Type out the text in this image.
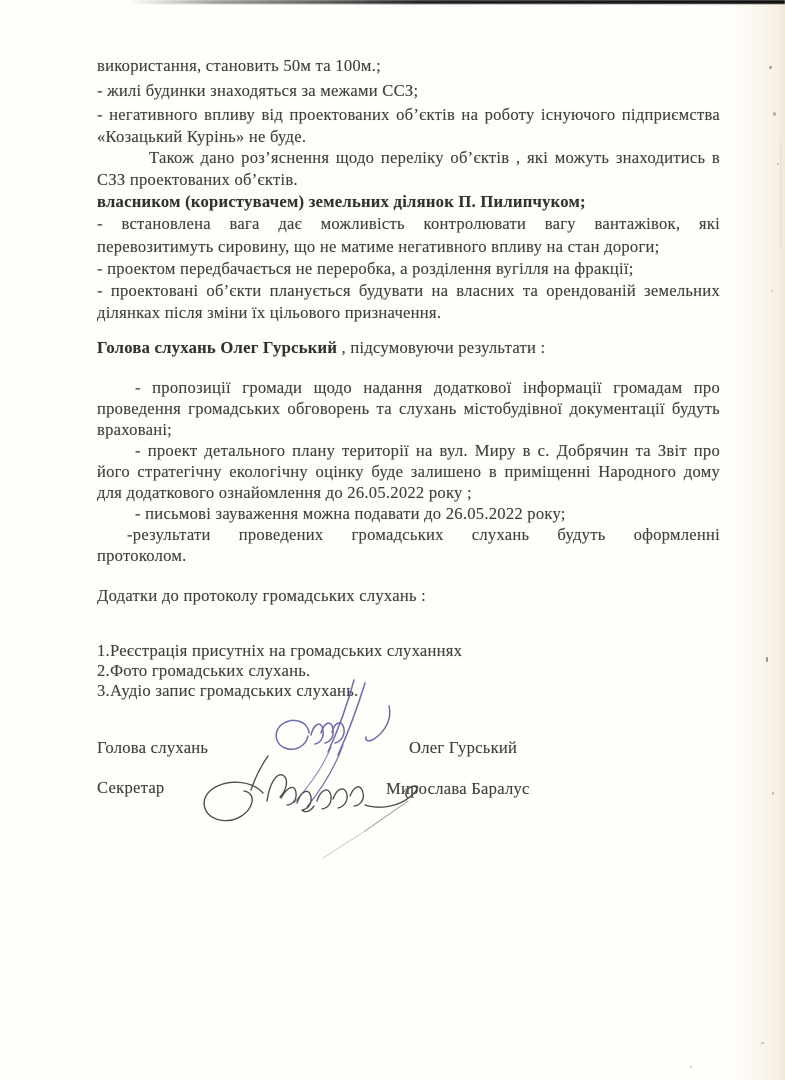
використання, становить 50м та 100м.;
- жилі будинки знаходяться за межами ССЗ;
- негативного впливу від проектованих об’єктів на роботу існуючого підприємства
«Козацький Курінь» не буде.
Також дано роз’яснення щодо переліку об’єктів , які можуть знаходитись в
СЗЗ проектованих об’єктів.
власником (користувачем) земельних ділянок П. Пилипчуком;
- встановлена вага дає можливість контролювати вагу вантажівок, які
перевозитимуть сировину, що не матиме негативного впливу на стан дороги;
- проектом передбачається не переробка, а розділення вугілля на фракції;
- проектовані об’єкти планується будувати на власних та орендованій земельних
ділянках після зміни їх цільового призначення.
Голова слухань Олег Гурський , підсумовуючи результати :
- пропозиції громади щодо надання додаткової інформації громадам про
проведення громадських обговорень та слухань містобудівної документації будуть
враховані;
- проект детального плану території на вул. Миру в с. Добрячин та Звіт про
його стратегічну екологічну оцінку буде залишено в приміщенні Народного дому
для додаткового ознайомлення до 26.05.2022 року ;
- письмові зауваження можна подавати до 26.05.2022 року;
-результати проведених громадських слухань будуть оформленні
протоколом.
Додатки до протоколу громадських слухань :
1.Реєстрація присутніх на громадських слуханнях
2.Фото громадських слухань.
3.Аудіо запис громадських слухань.
Голова слухань	Олег Гурський
Секретар	Мирослава Баралус
